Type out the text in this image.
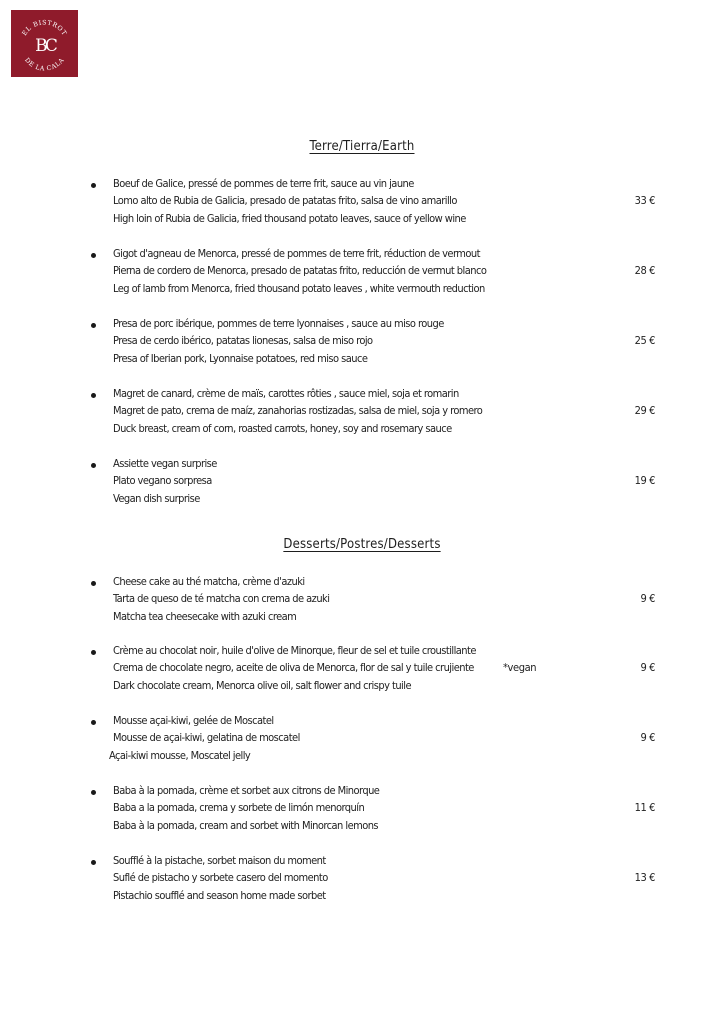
EL BISTROT
DE LA CALA
BC
Terre/Tierra/Earth
Boeuf de Galice, pressé de pommes de terre frit, sauce au vin jaune
Lomo alto de Rubia de Galicia, presado de patatas frito, salsa de vino amarillo
High loin of Rubia de Galicia, fried thousand potato leaves, sauce of yellow wine
33 €
Gigot d'agneau de Menorca, pressé de pommes de terre frit, réduction de vermout
Pierna de cordero de Menorca, presado de patatas frito, reducción de vermut blanco
Leg of lamb from Menorca, fried thousand potato leaves , white vermouth reduction
28 €
Presa de porc ibérique, pommes de terre lyonnaises , sauce au miso rouge
Presa de cerdo ibérico, patatas lionesas, salsa de miso rojo
Presa of Iberian pork, Lyonnaise potatoes, red miso sauce
25 €
Magret de canard, crème de maïs, carottes rôties , sauce miel, soja et romarin
Magret de pato, crema de maíz, zanahorias rostizadas, salsa de miel, soja y romero
Duck breast, cream of corn, roasted carrots, honey, soy and rosemary sauce
29 €
Assiette vegan surprise
Plato vegano sorpresa
Vegan dish surprise
19 €
Desserts/Postres/Desserts
Cheese cake au thé matcha, crème d'azuki
Tarta de queso de té matcha con crema de azuki
Matcha tea cheesecake with azuki cream
9 €
Crème au chocolat noir, huile d'olive de Minorque, fleur de sel et tuile croustillante
Crema de chocolate negro, aceite de oliva de Menorca, flor de sal y tuile crujiente	*vegan
Dark chocolate cream, Menorca olive oil, salt flower and crispy tuile
9 €
Mousse açai-kiwi, gelée de Moscatel
Mousse de açai-kiwi, gelatina de moscatel
Açai-kiwi mousse, Moscatel jelly
9 €
Baba à la pomada, crème et sorbet aux citrons de Minorque
Baba a la pomada, crema y sorbete de limón menorquín
Baba à la pomada, cream and sorbet with Minorcan lemons
11 €
Soufflé à la pistache, sorbet maison du moment
Suflé de pistacho y sorbete casero del momento
Pistachio soufflé and season home made sorbet
13 €
